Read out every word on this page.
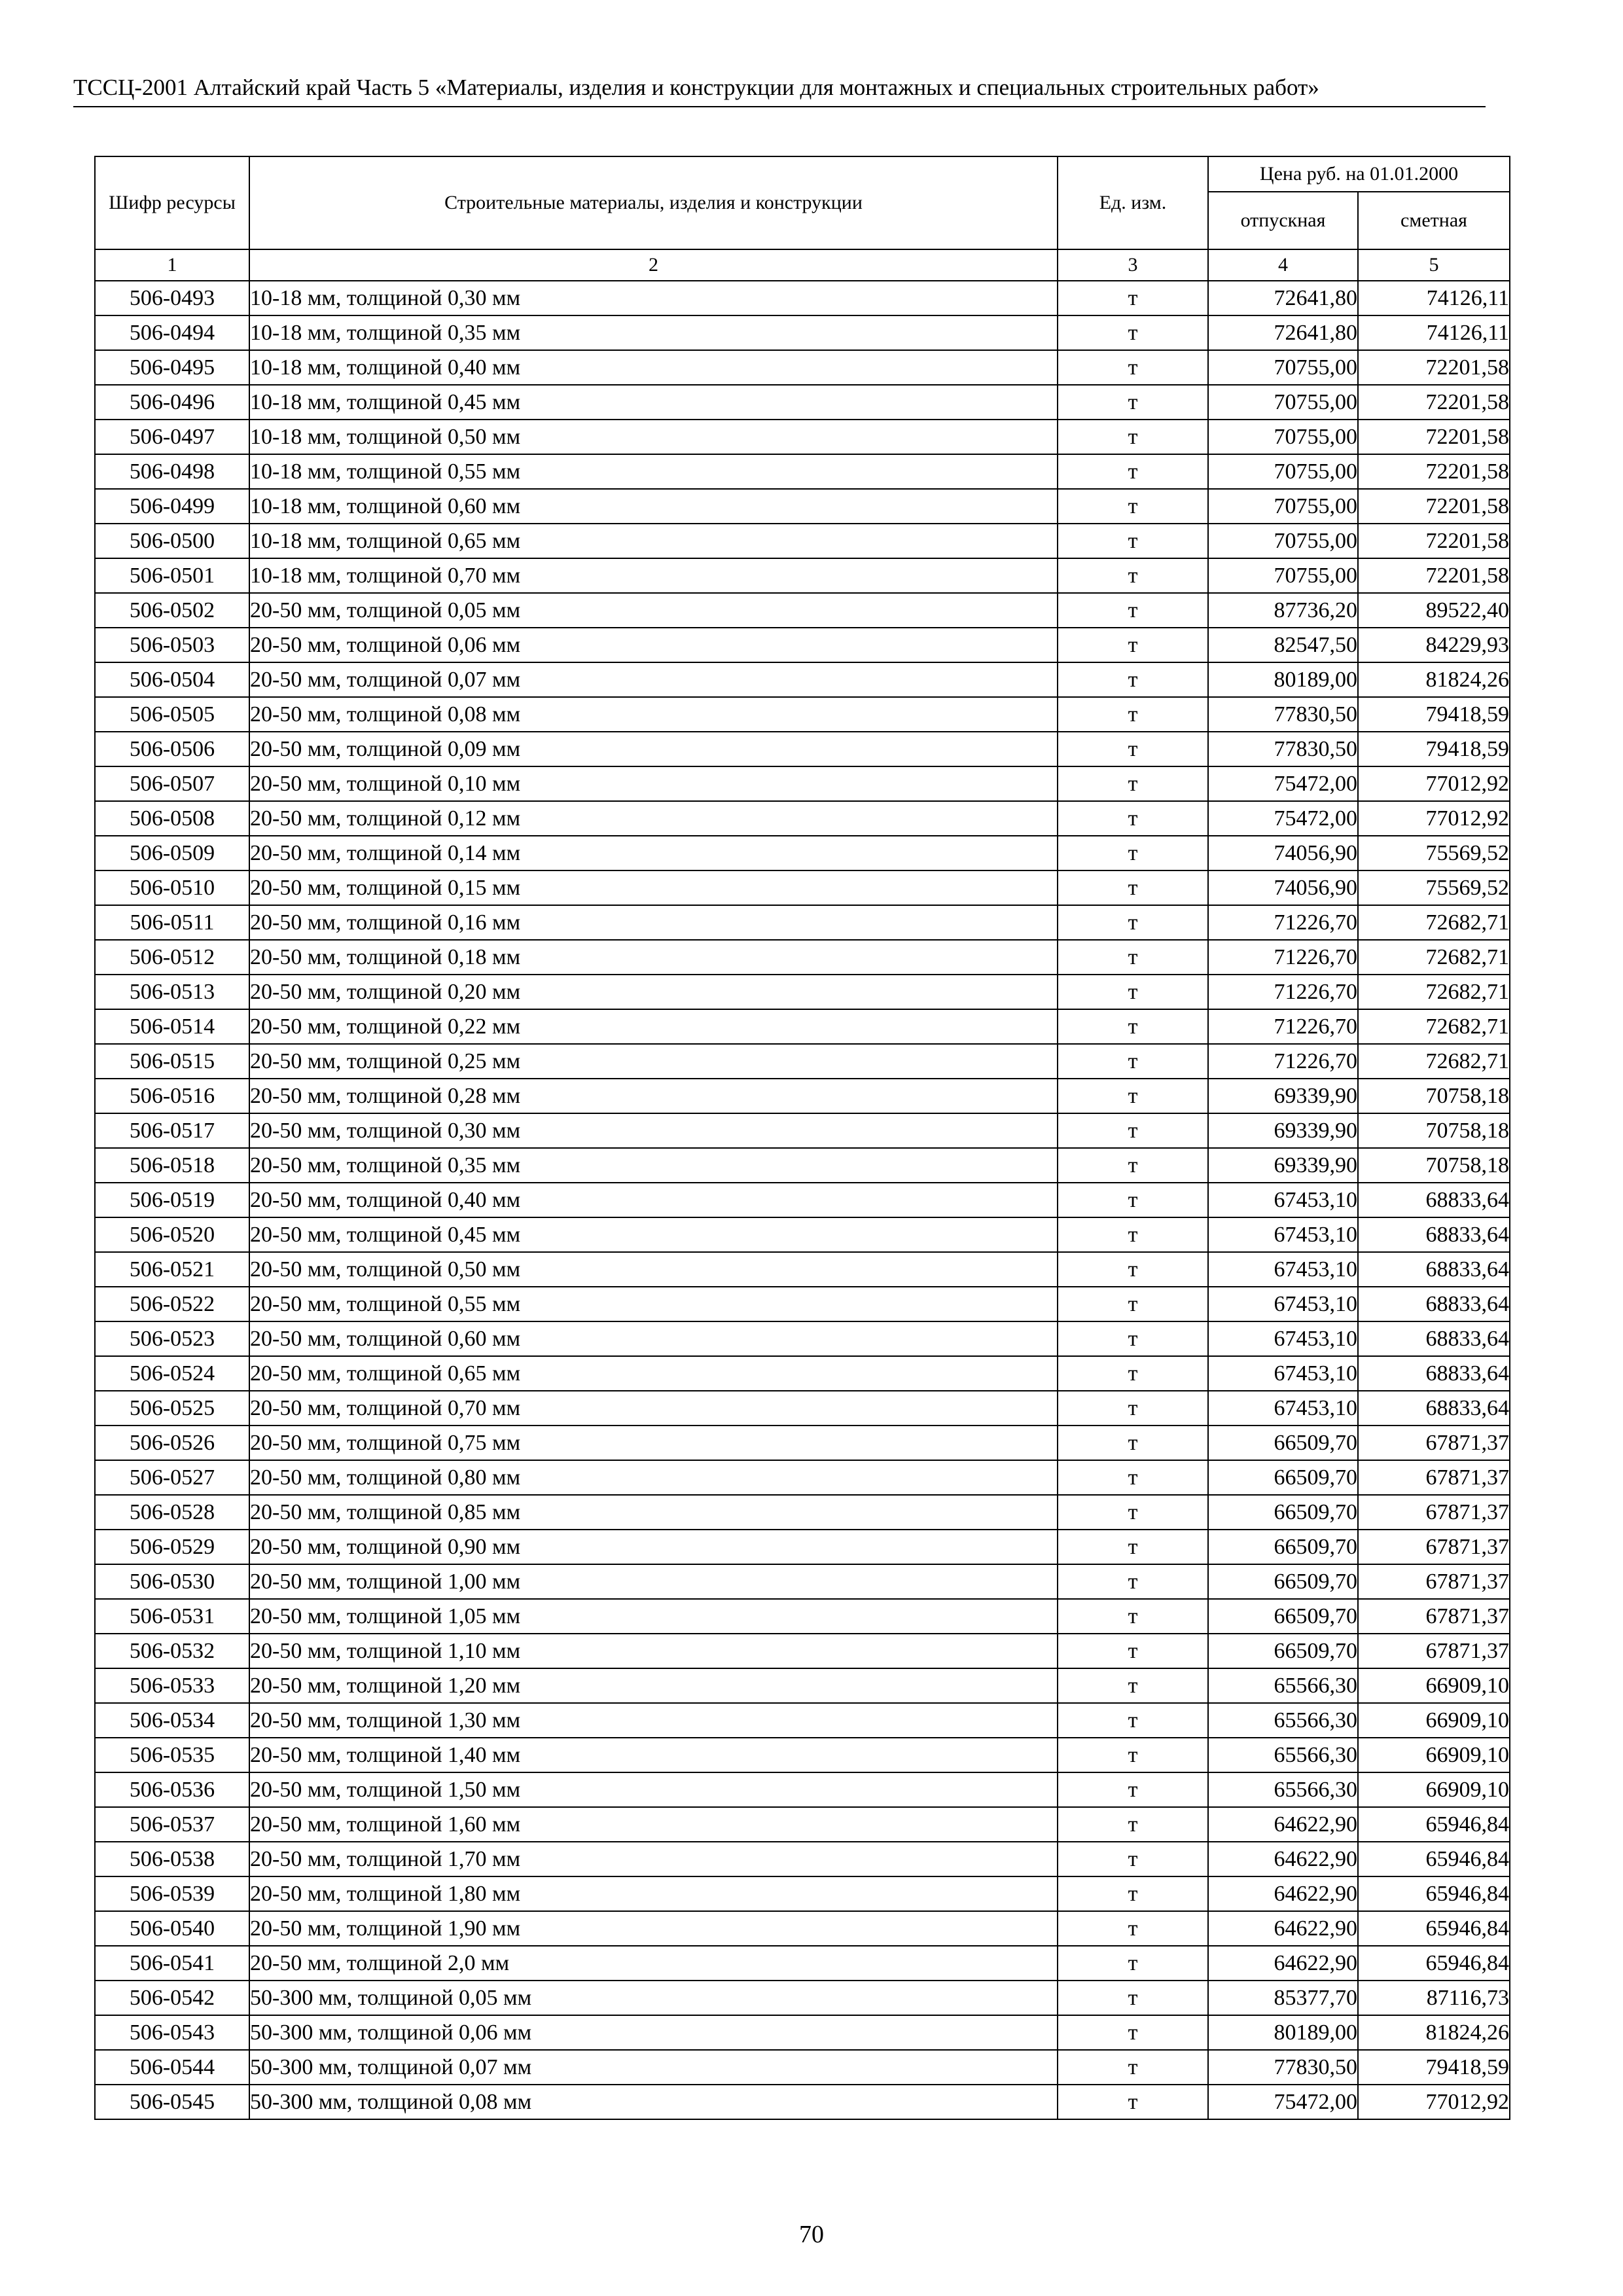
ТССЦ-2001 Алтайский край Часть 5 «Материалы, изделия и конструкции для монтажных и специальных строительных работ»
Шифр ресурсы	Строительные материалы, изделия и конструкции	Ед. изм.	Цена руб. на 01.01.2000	
			отпускная	сметная
1	2	3	4	5
506-0493	10-18 мм, толщиной 0,30 мм	т	72641,80	74126,11
506-0494	10-18 мм, толщиной 0,35 мм	т	72641,80	74126,11
506-0495	10-18 мм, толщиной 0,40 мм	т	70755,00	72201,58
506-0496	10-18 мм, толщиной 0,45 мм	т	70755,00	72201,58
506-0497	10-18 мм, толщиной 0,50 мм	т	70755,00	72201,58
506-0498	10-18 мм, толщиной 0,55 мм	т	70755,00	72201,58
506-0499	10-18 мм, толщиной 0,60 мм	т	70755,00	72201,58
506-0500	10-18 мм, толщиной 0,65 мм	т	70755,00	72201,58
506-0501	10-18 мм, толщиной 0,70 мм	т	70755,00	72201,58
506-0502	20-50 мм, толщиной 0,05 мм	т	87736,20	89522,40
506-0503	20-50 мм, толщиной 0,06 мм	т	82547,50	84229,93
506-0504	20-50 мм, толщиной 0,07 мм	т	80189,00	81824,26
506-0505	20-50 мм, толщиной 0,08 мм	т	77830,50	79418,59
506-0506	20-50 мм, толщиной 0,09 мм	т	77830,50	79418,59
506-0507	20-50 мм, толщиной 0,10 мм	т	75472,00	77012,92
506-0508	20-50 мм, толщиной 0,12 мм	т	75472,00	77012,92
506-0509	20-50 мм, толщиной 0,14 мм	т	74056,90	75569,52
506-0510	20-50 мм, толщиной 0,15 мм	т	74056,90	75569,52
506-0511	20-50 мм, толщиной 0,16 мм	т	71226,70	72682,71
506-0512	20-50 мм, толщиной 0,18 мм	т	71226,70	72682,71
506-0513	20-50 мм, толщиной 0,20 мм	т	71226,70	72682,71
506-0514	20-50 мм, толщиной 0,22 мм	т	71226,70	72682,71
506-0515	20-50 мм, толщиной 0,25 мм	т	71226,70	72682,71
506-0516	20-50 мм, толщиной 0,28 мм	т	69339,90	70758,18
506-0517	20-50 мм, толщиной 0,30 мм	т	69339,90	70758,18
506-0518	20-50 мм, толщиной 0,35 мм	т	69339,90	70758,18
506-0519	20-50 мм, толщиной 0,40 мм	т	67453,10	68833,64
506-0520	20-50 мм, толщиной 0,45 мм	т	67453,10	68833,64
506-0521	20-50 мм, толщиной 0,50 мм	т	67453,10	68833,64
506-0522	20-50 мм, толщиной 0,55 мм	т	67453,10	68833,64
506-0523	20-50 мм, толщиной 0,60 мм	т	67453,10	68833,64
506-0524	20-50 мм, толщиной 0,65 мм	т	67453,10	68833,64
506-0525	20-50 мм, толщиной 0,70 мм	т	67453,10	68833,64
506-0526	20-50 мм, толщиной 0,75 мм	т	66509,70	67871,37
506-0527	20-50 мм, толщиной 0,80 мм	т	66509,70	67871,37
506-0528	20-50 мм, толщиной 0,85 мм	т	66509,70	67871,37
506-0529	20-50 мм, толщиной 0,90 мм	т	66509,70	67871,37
506-0530	20-50 мм, толщиной 1,00 мм	т	66509,70	67871,37
506-0531	20-50 мм, толщиной 1,05 мм	т	66509,70	67871,37
506-0532	20-50 мм, толщиной 1,10 мм	т	66509,70	67871,37
506-0533	20-50 мм, толщиной 1,20 мм	т	65566,30	66909,10
506-0534	20-50 мм, толщиной 1,30 мм	т	65566,30	66909,10
506-0535	20-50 мм, толщиной 1,40 мм	т	65566,30	66909,10
506-0536	20-50 мм, толщиной 1,50 мм	т	65566,30	66909,10
506-0537	20-50 мм, толщиной 1,60 мм	т	64622,90	65946,84
506-0538	20-50 мм, толщиной 1,70 мм	т	64622,90	65946,84
506-0539	20-50 мм, толщиной 1,80 мм	т	64622,90	65946,84
506-0540	20-50 мм, толщиной 1,90 мм	т	64622,90	65946,84
506-0541	20-50 мм, толщиной 2,0 мм	т	64622,90	65946,84
506-0542	50-300 мм, толщиной 0,05 мм	т	85377,70	87116,73
506-0543	50-300 мм, толщиной 0,06 мм	т	80189,00	81824,26
506-0544	50-300 мм, толщиной 0,07 мм	т	77830,50	79418,59
506-0545	50-300 мм, толщиной 0,08 мм	т	75472,00	77012,92
70
